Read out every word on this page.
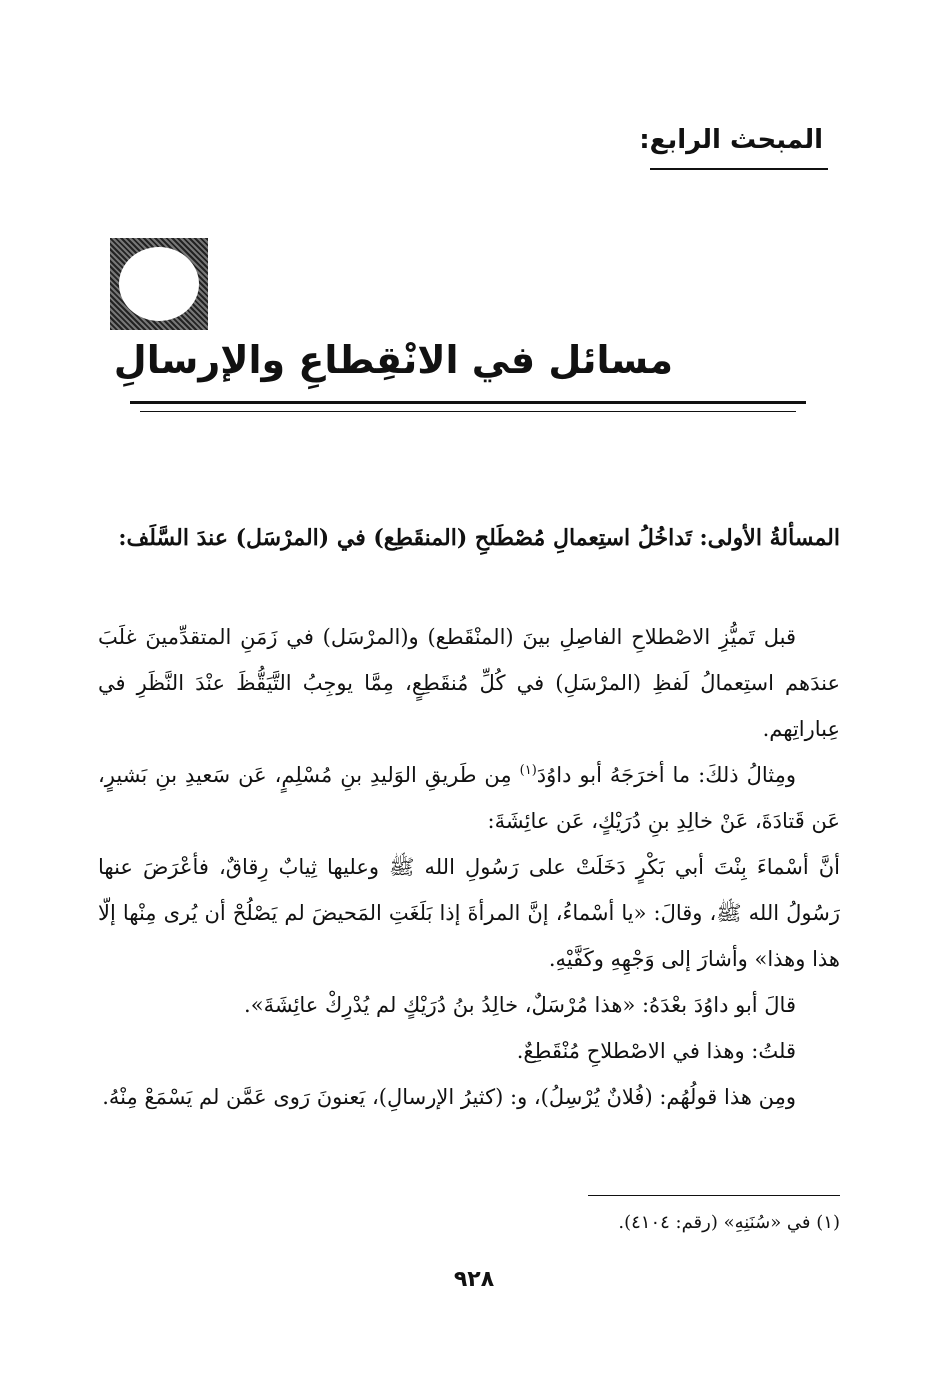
المبحث الرابع:
مسائل في الانْقِطاعِ والإرسالِ
المسألةُ الأولى: تَداخُلُ استِعمالِ مُصْطَلحِ (المنقَطِع) في (المرْسَل) عندَ السَّلَف:

قبل تَميُّزِ الاصْطلاحِ الفاصِلِ بينَ (المنْقَطع) و(المرْسَل) في زَمَنِ المتقدِّمينَ غلَبَ عندَهم استِعمالُ لَفظِ (المرْسَلِ) في كُلِّ مُنقَطِعٍ، مِمَّا يوجِبُ التَّيَقُّظَ عنْدَ النَّظَرِ في عِباراتِهم.

ومِثالُ ذلكَ: ما أخرَجَهُ أبو داوُدَ$^{(١)}$ مِن طَريقِ الوَليدِ بنِ مُسْلِمٍ، عَن سَعيدِ بنِ بَشيرٍ، عَن قَتادَةَ، عَنْ خالِدِ بنِ دُرَيْكٍ، عَن عائِشَةَ:

أنَّ أسْماءَ بِنْتَ أبي بَكْرٍ دَخَلَتْ على رَسُولِ الله ﷺ وعليها ثِيابٌ رِقاقٌ، فأعْرَضَ عنها رَسُولُ الله ﷺ، وقالَ: «يا أسْماءُ، إنَّ المرأةَ إذا بَلَغَتِ المَحيضَ لم يَصْلُحْ أن يُرى مِنْها إلّا هذا وهذا» وأشارَ إلى وَجْهِهِ وكَفَّيْهِ.

قالَ أبو داوُدَ بعْدَهُ: «هذا مُرْسَلٌ، خالِدُ بنُ دُرَيْكٍ لم يُدْرِكْ عائِشَةَ».

قلتُ: وهذا في الاصْطلاحِ مُنْقَطِعٌ.

ومِن هذا قولُهُم: (فُلانٌ يُرْسِلُ)، و: (كثيرُ الإرسالِ)، يَعنونَ رَوى عَمَّن لم يَسْمَعْ مِنْهُ.

(١) في «سُنَنِهِ» (رقم: ٤١٠٤).
٩٢٨
